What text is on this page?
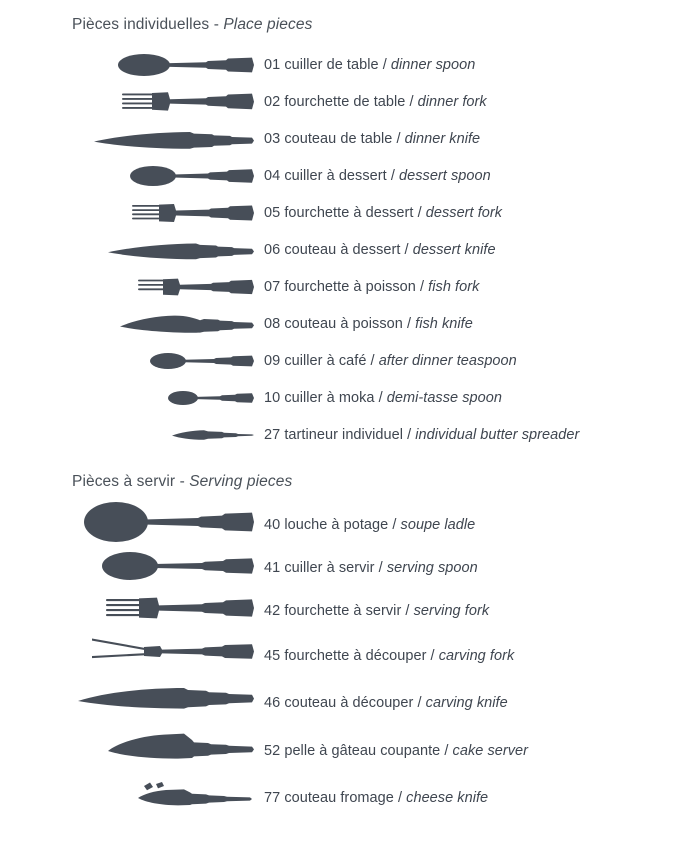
Pièces individuelles - Place pieces
01 cuiller de table / dinner spoon
02 fourchette de table / dinner fork
03 couteau de table / dinner knife
04 cuiller à dessert / dessert spoon
05 fourchette à dessert / dessert fork
06 couteau à dessert / dessert knife
07 fourchette à poisson / fish fork
08 couteau à poisson / fish knife
09 cuiller à café / after dinner teaspoon
10 cuiller à moka / demi-tasse spoon
27 tartineur individuel / individual butter spreader
Pièces à servir - Serving pieces
40 louche à potage / soupe ladle
41 cuiller à servir / serving spoon
42 fourchette à servir / serving fork
45 fourchette à découper / carving fork
46 couteau à découper / carving knife
52 pelle à gâteau coupante / cake server
77 couteau fromage / cheese knife
